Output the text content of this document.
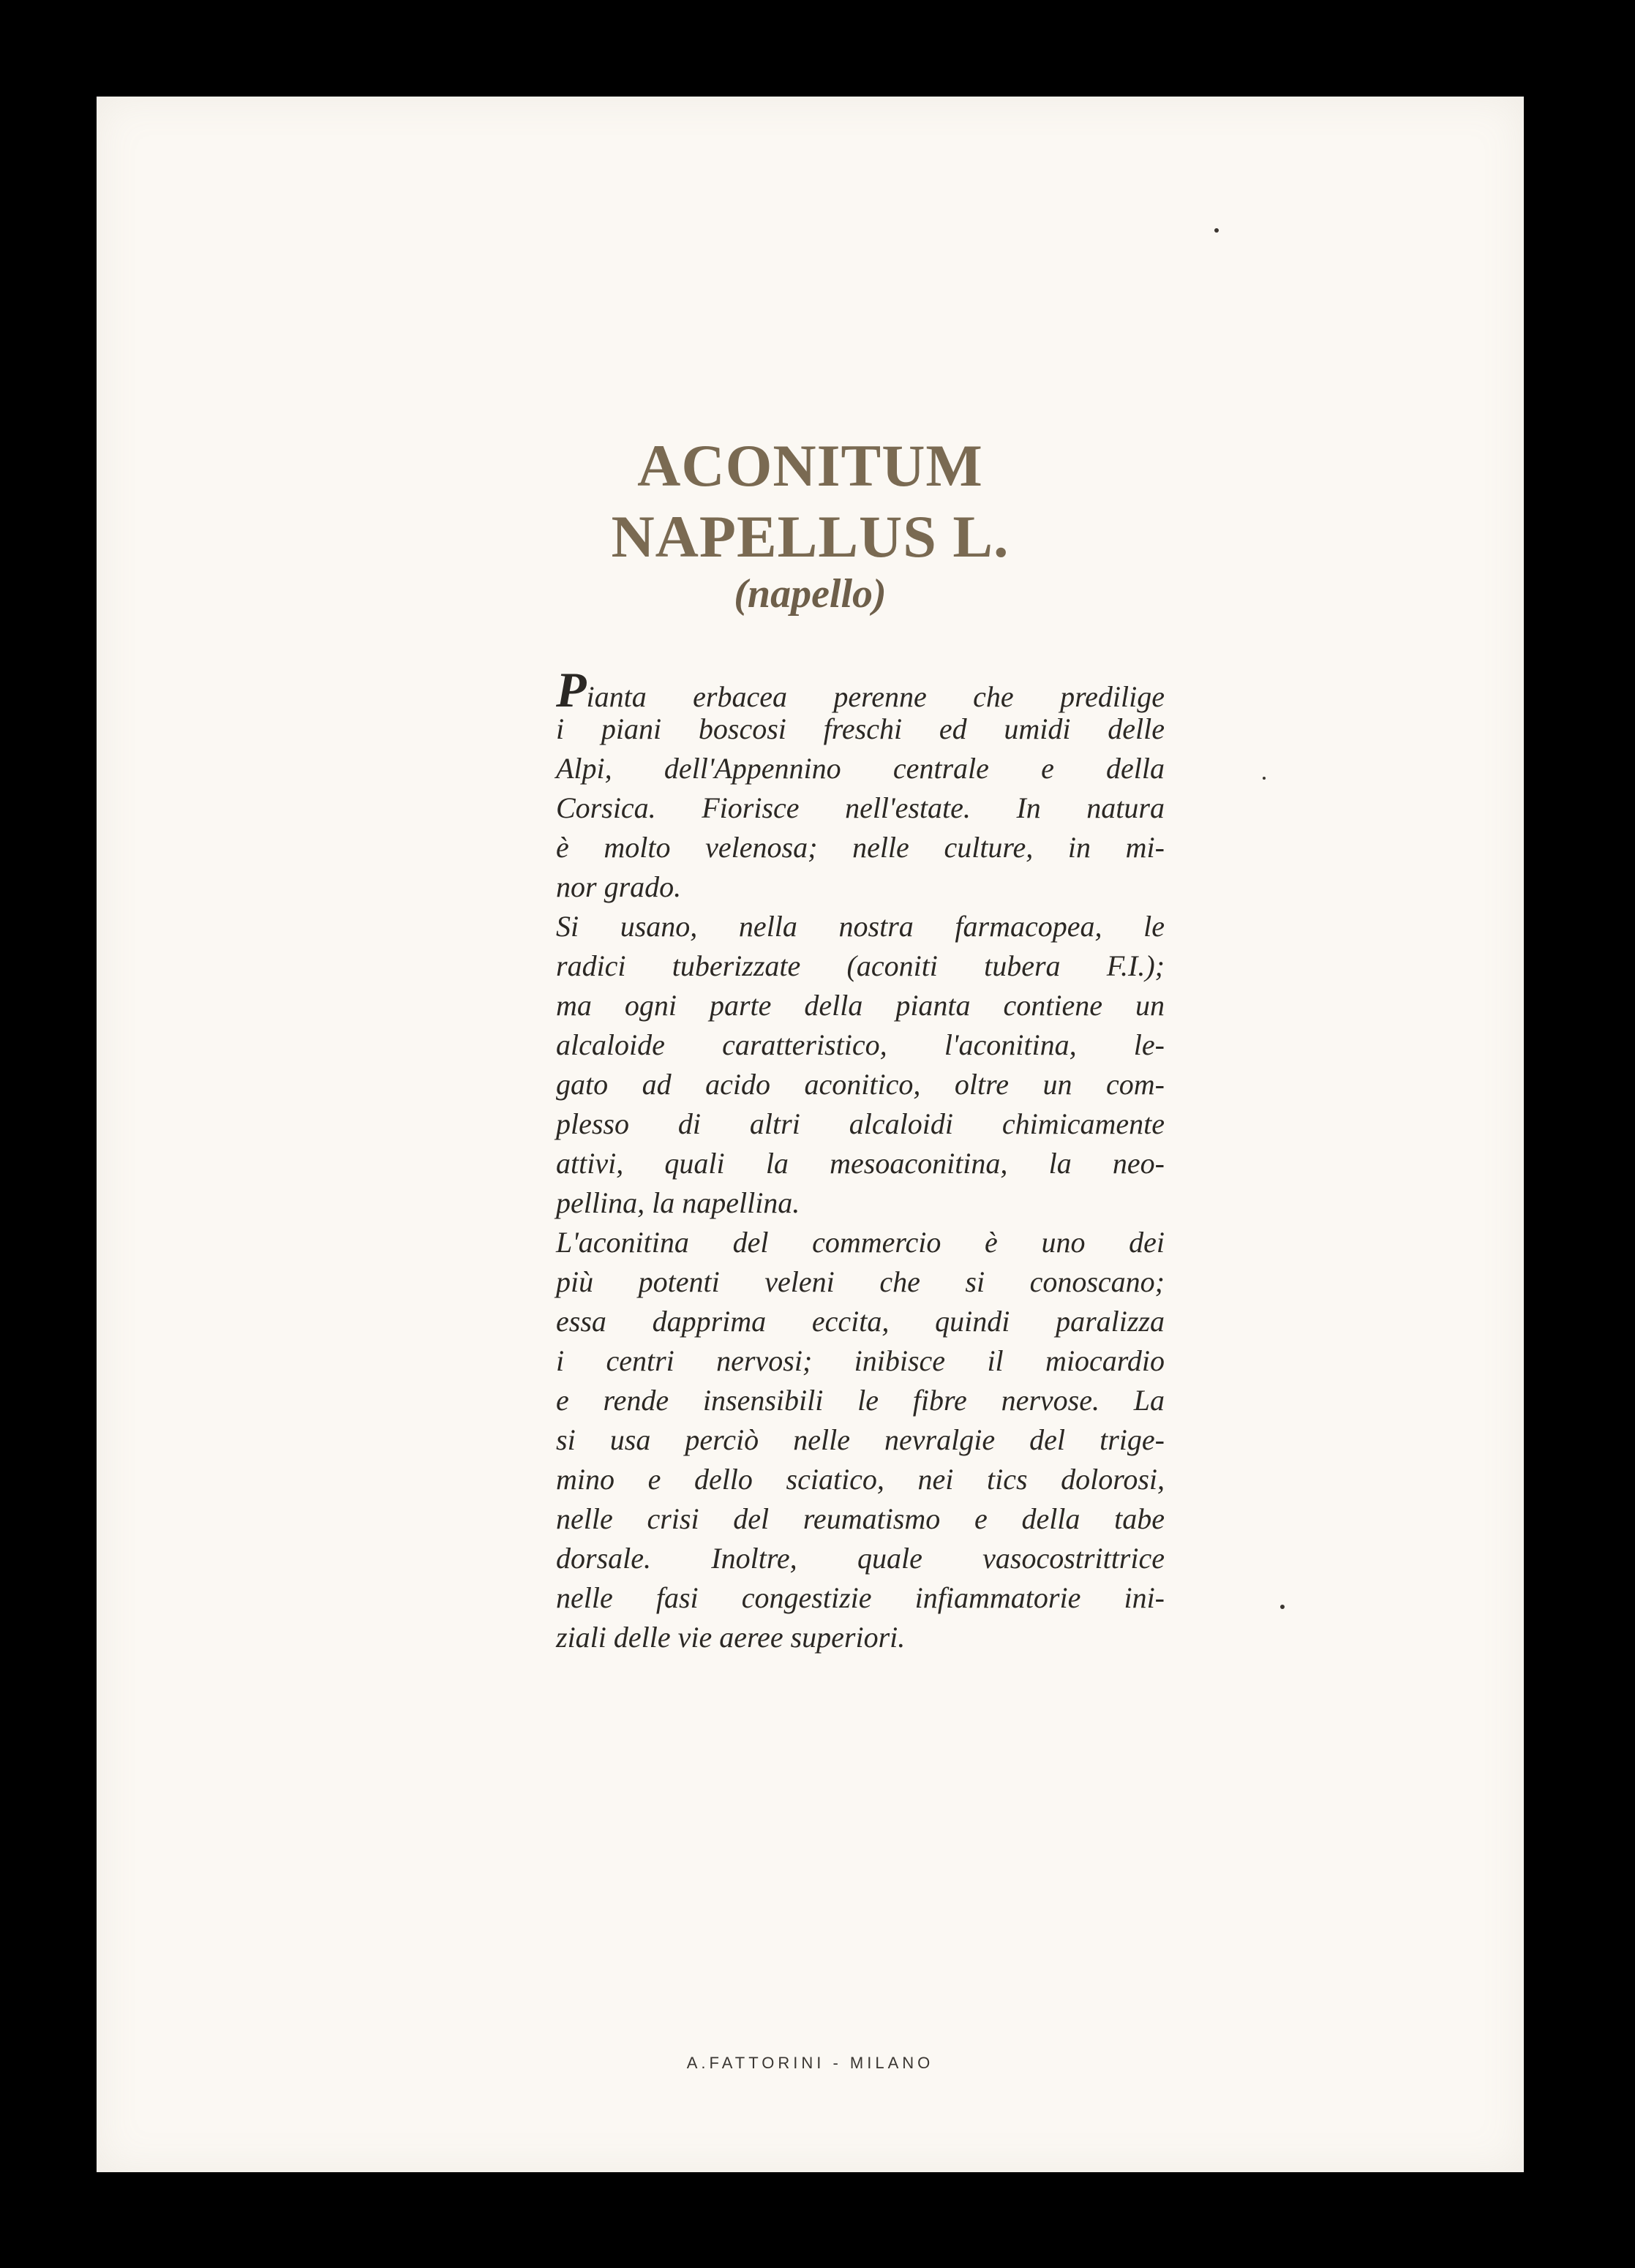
ACONITUM
NAPELLUS L.
(napello)
Pianta erbacea perenne che predilige
i piani boscosi freschi ed umidi delle
Alpi, dell'Appennino centrale e della
Corsica. Fiorisce nell'estate. In natura
è molto velenosa; nelle culture, in mi-
nor grado.
Si usano, nella nostra farmacopea, le
radici tuberizzate (aconiti tubera F.I.);
ma ogni parte della pianta contiene un
alcaloide caratteristico, l'aconitina, le-
gato ad acido aconitico, oltre un com-
plesso di altri alcaloidi chimicamente
attivi, quali la mesoaconitina, la neo-
pellina, la napellina.
L'aconitina del commercio è uno dei
più potenti veleni che si conoscano;
essa dapprima eccita, quindi paralizza
i centri nervosi; inibisce il miocardio
e rende insensibili le fibre nervose. La
si usa perciò nelle nevralgie del trige-
mino e dello sciatico, nei tics dolorosi,
nelle crisi del reumatismo e della tabe
dorsale. Inoltre, quale vasocostrittrice
nelle fasi congestizie infiammatorie ini-
ziali delle vie aeree superiori.
A.FATTORINI - MILANO
